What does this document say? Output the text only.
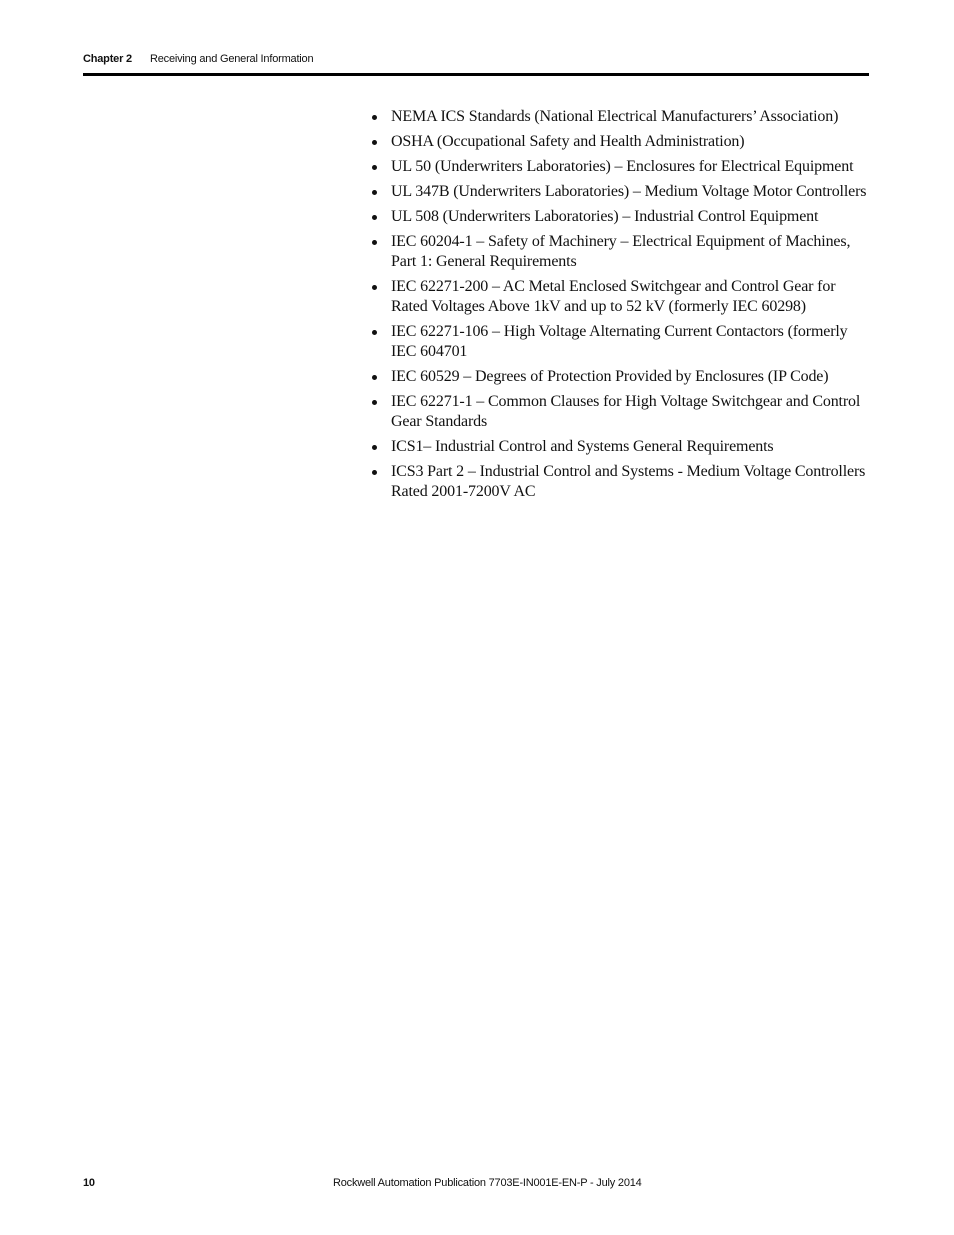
Chapter 2 Receiving and General Information
NEMA ICS Standards (National Electrical Manufacturers’ Association)
OSHA (Occupational Safety and Health Administration)
UL 50 (Underwriters Laboratories) – Enclosures for Electrical Equipment
UL 347B (Underwriters Laboratories) – Medium Voltage Motor Controllers
UL 508 (Underwriters Laboratories) – Industrial Control Equipment
IEC 60204-1 – Safety of Machinery – Electrical Equipment of Machines, Part 1: General Requirements
IEC 62271-200 – AC Metal Enclosed Switchgear and Control Gear for Rated Voltages Above 1kV and up to 52 kV (formerly IEC 60298)
IEC 62271-106 – High Voltage Alternating Current Contactors (formerly IEC 604701
IEC 60529 – Degrees of Protection Provided by Enclosures (IP Code)
IEC 62271-1 – Common Clauses for High Voltage Switchgear and Control Gear Standards
ICS1– Industrial Control and Systems General Requirements
ICS3 Part 2 – Industrial Control and Systems - Medium Voltage Controllers Rated 2001-7200V AC
10	Rockwell Automation Publication 7703E-IN001E-EN-P - July 2014
